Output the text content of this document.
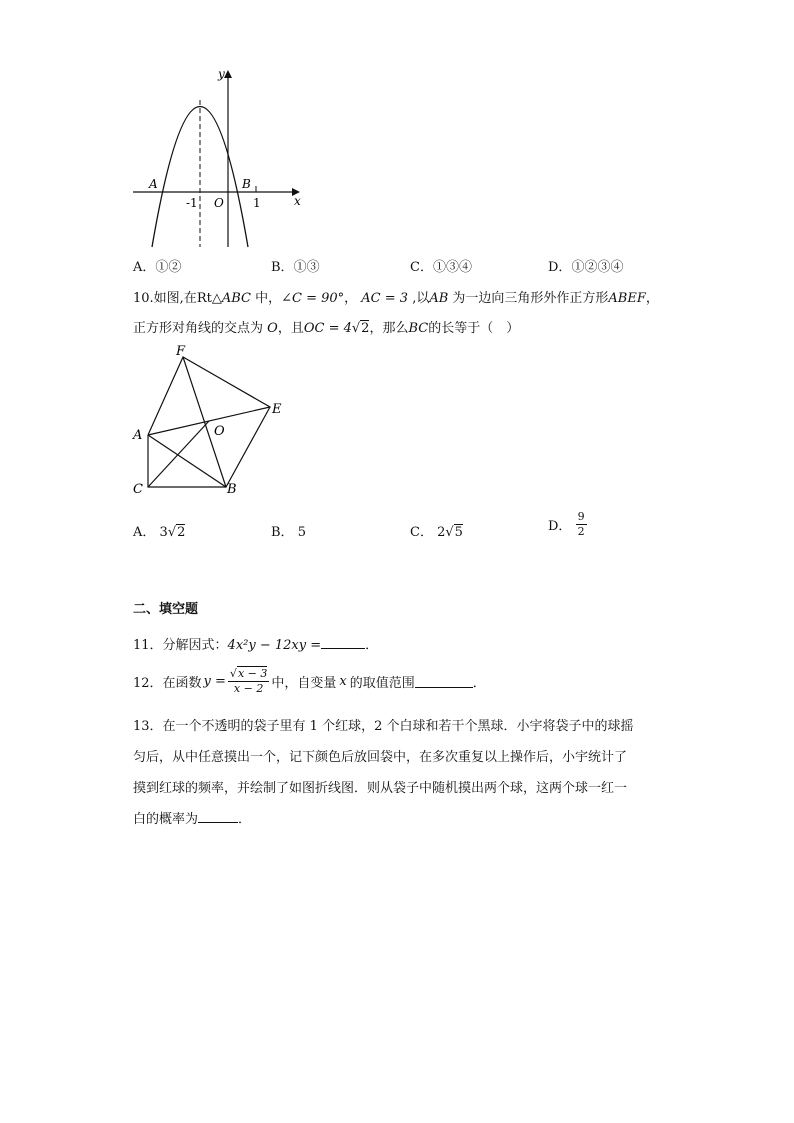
y
x
A	B
-1 O 1
A．①②	B．①③	C．①③④	D．①②③④
10.如图,在Rt△ABC 中，∠C = 90°， AC = 3 ,以AB 为一边向三角形外作正方形ABEF，
正方形对角线的交点为 O，且OC = 4√2，那么BC的长等于（　）
F
E
A	O
C	B
A． 3√2	B． 5	C． 2√5	D． $\frac{9}{2}$
二、填空题
11．分解因式：4x²y − 12xy =	．
12．在函数 $y = \frac{√x - 3}{x - 2}$ 中，自变量 x 的取值范围	．
13．在一个不透明的袋子里有 1 个红球，2 个白球和若干个黑球．小宇将袋子中的球摇
匀后，从中任意摸出一个，记下颜色后放回袋中，在多次重复以上操作后，小宇统计了
摸到红球的频率，并绘制了如图折线图．则从袋子中随机摸出两个球，这两个球一红一
白的概率为	．
